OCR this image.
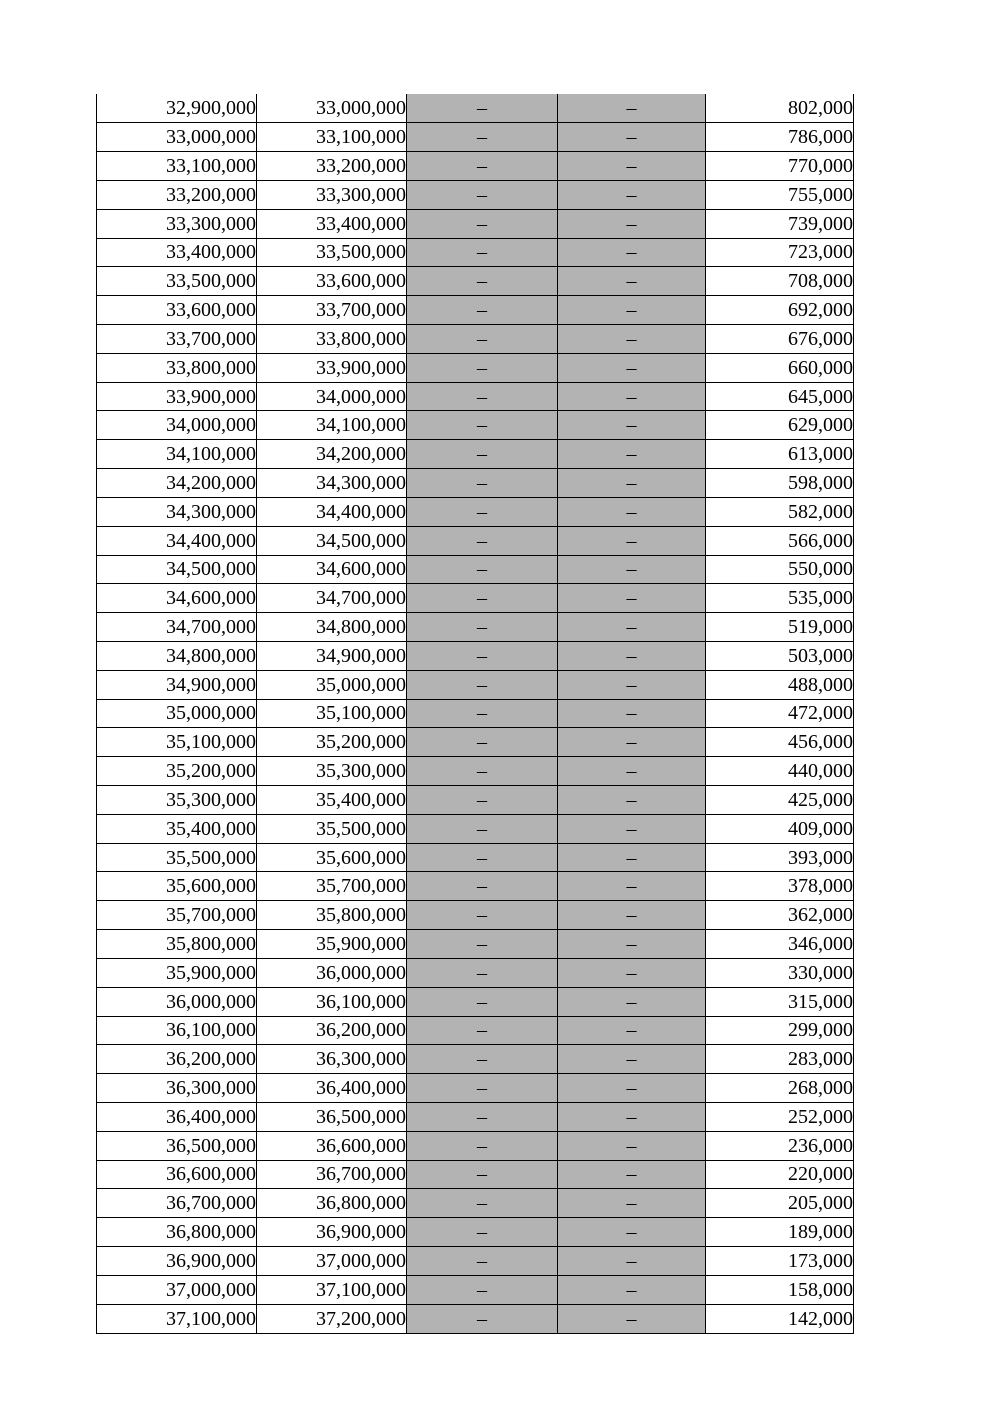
32,900,000	33,000,000	–	–	802,000
33,000,000	33,100,000	–	–	786,000
33,100,000	33,200,000	–	–	770,000
33,200,000	33,300,000	–	–	755,000
33,300,000	33,400,000	–	–	739,000
33,400,000	33,500,000	–	–	723,000
33,500,000	33,600,000	–	–	708,000
33,600,000	33,700,000	–	–	692,000
33,700,000	33,800,000	–	–	676,000
33,800,000	33,900,000	–	–	660,000
33,900,000	34,000,000	–	–	645,000
34,000,000	34,100,000	–	–	629,000
34,100,000	34,200,000	–	–	613,000
34,200,000	34,300,000	–	–	598,000
34,300,000	34,400,000	–	–	582,000
34,400,000	34,500,000	–	–	566,000
34,500,000	34,600,000	–	–	550,000
34,600,000	34,700,000	–	–	535,000
34,700,000	34,800,000	–	–	519,000
34,800,000	34,900,000	–	–	503,000
34,900,000	35,000,000	–	–	488,000
35,000,000	35,100,000	–	–	472,000
35,100,000	35,200,000	–	–	456,000
35,200,000	35,300,000	–	–	440,000
35,300,000	35,400,000	–	–	425,000
35,400,000	35,500,000	–	–	409,000
35,500,000	35,600,000	–	–	393,000
35,600,000	35,700,000	–	–	378,000
35,700,000	35,800,000	–	–	362,000
35,800,000	35,900,000	–	–	346,000
35,900,000	36,000,000	–	–	330,000
36,000,000	36,100,000	–	–	315,000
36,100,000	36,200,000	–	–	299,000
36,200,000	36,300,000	–	–	283,000
36,300,000	36,400,000	–	–	268,000
36,400,000	36,500,000	–	–	252,000
36,500,000	36,600,000	–	–	236,000
36,600,000	36,700,000	–	–	220,000
36,700,000	36,800,000	–	–	205,000
36,800,000	36,900,000	–	–	189,000
36,900,000	37,000,000	–	–	173,000
37,000,000	37,100,000	–	–	158,000
37,100,000	37,200,000	–	–	142,000
